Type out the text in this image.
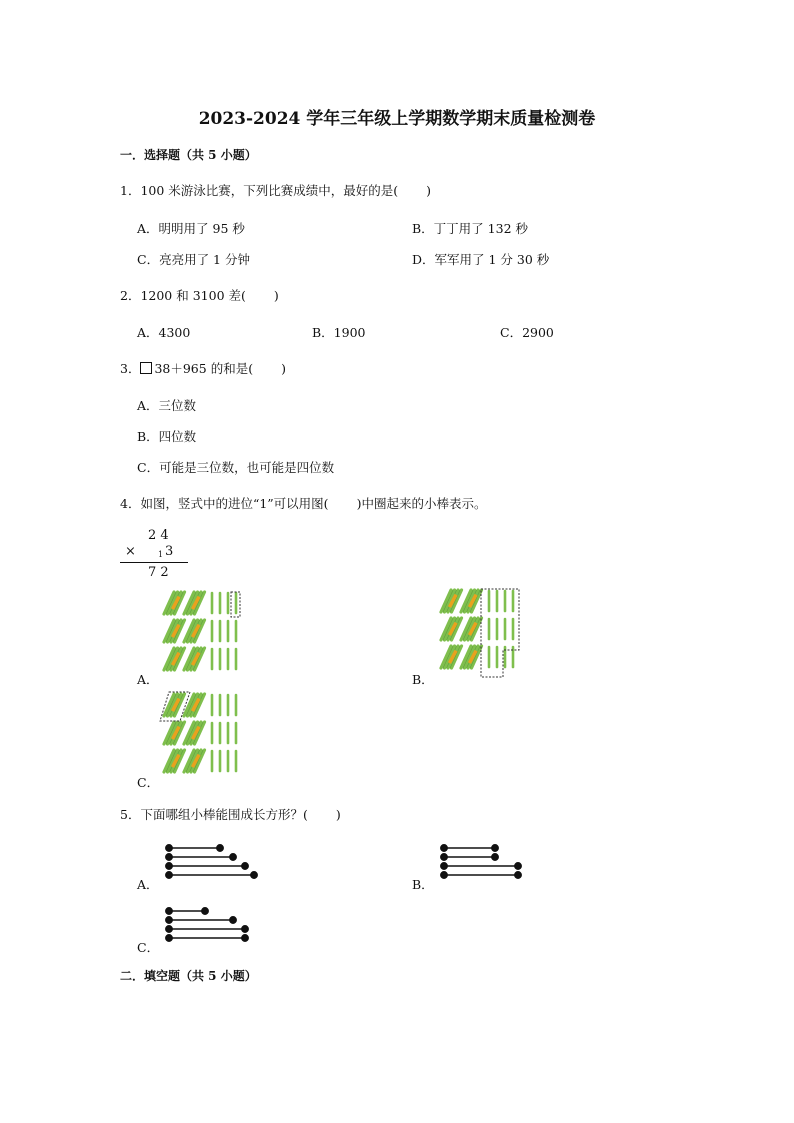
2023-2024 学年三年级上学期数学期末质量检测卷
一．选择题（共 5 小题）
1．100 米游泳比赛，下列比赛成绩中，最好的是( )
A．明明用了 95 秒	B．丁丁用了 132 秒
C．亮亮用了 1 分钟	D．军军用了 1 分 30 秒
2．1200 和 3100 差( )
A．4300	B．1900	C．2900
3． 38＋965 的和是( )
A．三位数
B．四位数
C．可能是三位数，也可能是四位数
4．如图，竖式中的进位“1”可以用图( )中圈起来的小棒表示。
2 4
×	1 3
7 2
A．	B．
C．
5．下面哪组小棒能围成长方形？( )
A．	B．
C．
二．填空题（共 5 小题）
